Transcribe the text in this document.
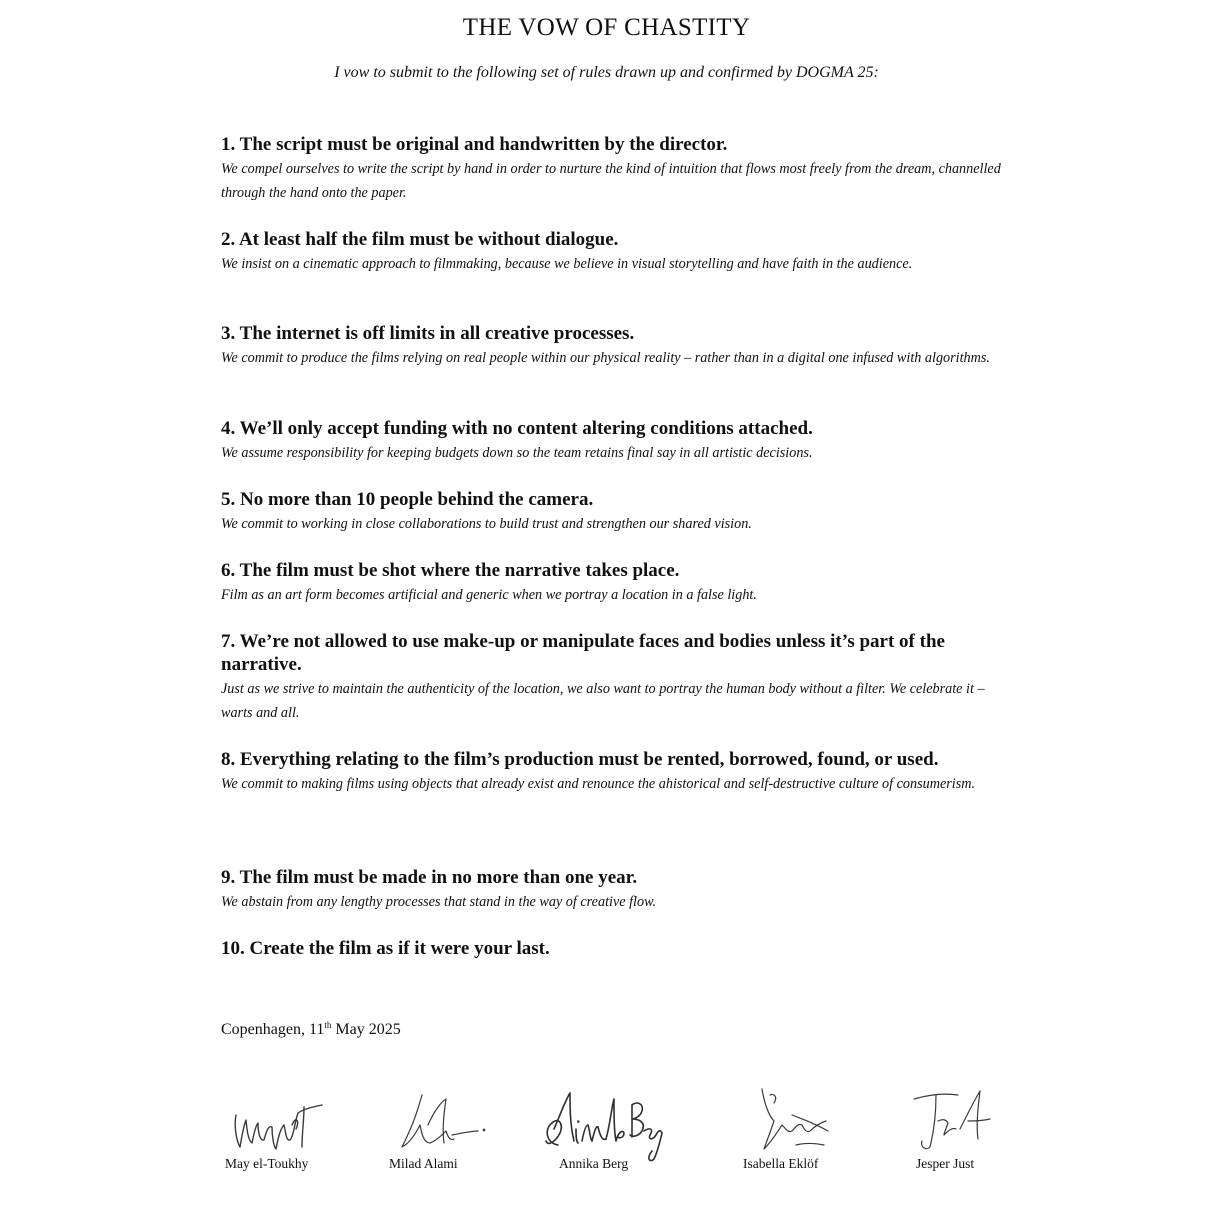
THE VOW OF CHASTITY
I vow to submit to the following set of rules drawn up and confirmed by DOGMA 25:
1. The script must be original and handwritten by the director.
We compel ourselves to write the script by hand in order to nurture the kind of intuition that flows most freely from the dream, channelled through the hand onto the paper.
2. At least half the film must be without dialogue.
We insist on a cinematic approach to filmmaking, because we believe in visual storytelling and have faith in the audience.
3. The internet is off limits in all creative processes.
We commit to produce the films relying on real people within our physical reality – rather than in a digital one infused with algorithms.
4. We’ll only accept funding with no content altering conditions attached.
We assume responsibility for keeping budgets down so the team retains final say in all artistic decisions.
5. No more than 10 people behind the camera.
We commit to working in close collaborations to build trust and strengthen our shared vision.
6. The film must be shot where the narrative takes place.
Film as an art form becomes artificial and generic when we portray a location in a false light.
7. We’re not allowed to use make-up or manipulate faces and bodies unless it’s part of the narrative.
Just as we strive to maintain the authenticity of the location, we also want to portray the human body without a filter. We celebrate it – warts and all.
8. Everything relating to the film’s production must be rented, borrowed, found, or used.
We commit to making films using objects that already exist and renounce the ahistorical and self-destructive culture of consumerism.
9. The film must be made in no more than one year.
We abstain from any lengthy processes that stand in the way of creative flow.
10. Create the film as if it were your last.
Copenhagen, 11th May 2025
May el-Toukhy	Milad Alami	Annika Berg	Isabella Eklöf	Jesper Just
